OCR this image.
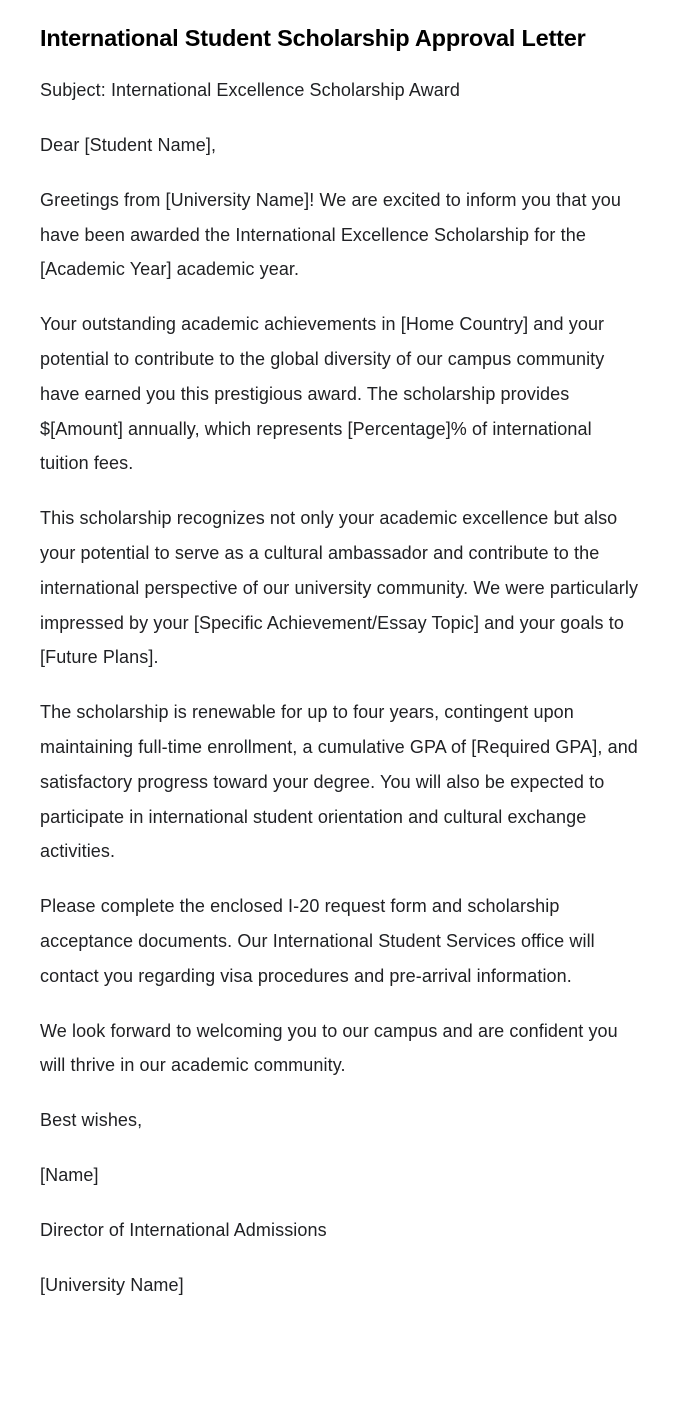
International Student Scholarship Approval Letter

Subject: International Excellence Scholarship Award

Dear [Student Name],

Greetings from [University Name]! We are excited to inform you that you have been awarded the International Excellence Scholarship for the [Academic Year] academic year.

Your outstanding academic achievements in [Home Country] and your potential to contribute to the global diversity of our campus community have earned you this prestigious award. The scholarship provides $[Amount] annually, which represents [Percentage]% of international tuition fees.

This scholarship recognizes not only your academic excellence but also your potential to serve as a cultural ambassador and contribute to the international perspective of our university community. We were particularly impressed by your [Specific Achievement/Essay Topic] and your goals to [Future Plans].

The scholarship is renewable for up to four years, contingent upon maintaining full-time enrollment, a cumulative GPA of [Required GPA], and satisfactory progress toward your degree. You will also be expected to participate in international student orientation and cultural exchange activities.

Please complete the enclosed I-20 request form and scholarship acceptance documents. Our International Student Services office will contact you regarding visa procedures and pre-arrival information.

We look forward to welcoming you to our campus and are confident you will thrive in our academic community.

Best wishes,

[Name]

Director of International Admissions

[University Name]
